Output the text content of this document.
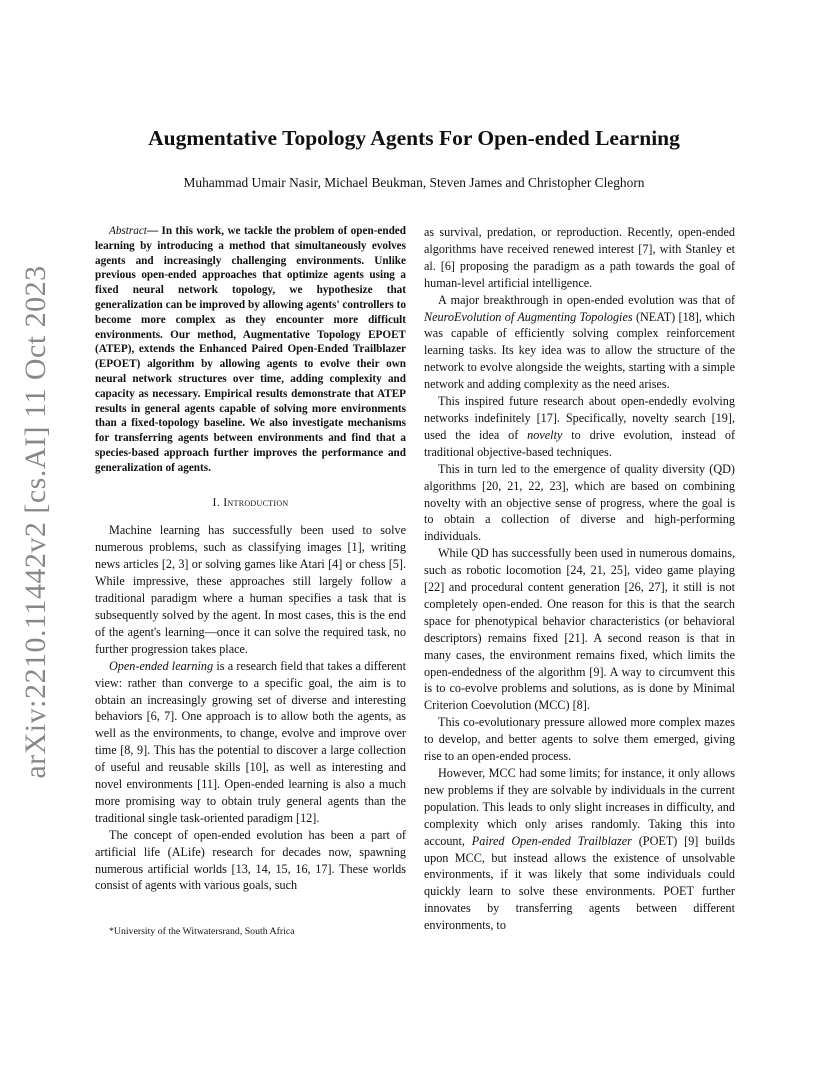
arXiv:2210.11442v2 [cs.AI] 11 Oct 2023
Augmentative Topology Agents For Open-ended Learning
Muhammad Umair Nasir, Michael Beukman, Steven James and Christopher Cleghorn

Abstract— In this work, we tackle the problem of open-ended learning by introducing a method that simultaneously evolves agents and increasingly challenging environments. Unlike previous open-ended approaches that optimize agents using a fixed neural network topology, we hypothesize that generalization can be improved by allowing agents' controllers to become more complex as they encounter more difficult environments. Our method, Augmentative Topology EPOET (ATEP), extends the Enhanced Paired Open-Ended Trailblazer (EPOET) algorithm by allowing agents to evolve their own neural network structures over time, adding complexity and capacity as necessary. Empirical results demonstrate that ATEP results in general agents capable of solving more environments than a fixed-topology baseline. We also investigate mechanisms for transferring agents between environments and find that a species-based approach further improves the performance and generalization of agents.

I. Introduction

Machine learning has successfully been used to solve numerous problems, such as classifying images [1], writing news articles [2, 3] or solving games like Atari [4] or chess [5]. While impressive, these approaches still largely follow a traditional paradigm where a human specifies a task that is subsequently solved by the agent. In most cases, this is the end of the agent's learning—once it can solve the required task, no further progression takes place.

Open-ended learning is a research field that takes a different view: rather than converge to a specific goal, the aim is to obtain an increasingly growing set of diverse and interesting behaviors [6, 7]. One approach is to allow both the agents, as well as the environments, to change, evolve and improve over time [8, 9]. This has the potential to discover a large collection of useful and reusable skills [10], as well as interesting and novel environments [11]. Open-ended learning is also a much more promising way to obtain truly general agents than the traditional single task-oriented paradigm [12].

The concept of open-ended evolution has been a part of artificial life (ALife) research for decades now, spawning numerous artificial worlds [13, 14, 15, 16, 17]. These worlds consist of agents with various goals, such

*University of the Witwatersrand, South Africa

as survival, predation, or reproduction. Recently, open-ended algorithms have received renewed interest [7], with Stanley et al. [6] proposing the paradigm as a path towards the goal of human-level artificial intelligence.

A major breakthrough in open-ended evolution was that of NeuroEvolution of Augmenting Topologies (NEAT) [18], which was capable of efficiently solving complex reinforcement learning tasks. Its key idea was to allow the structure of the network to evolve alongside the weights, starting with a simple network and adding complexity as the need arises.

This inspired future research about open-endedly evolving networks indefinitely [17]. Specifically, novelty search [19], used the idea of novelty to drive evolution, instead of traditional objective-based techniques.

This in turn led to the emergence of quality diversity (QD) algorithms [20, 21, 22, 23], which are based on combining novelty with an objective sense of progress, where the goal is to obtain a collection of diverse and high-performing individuals.

While QD has successfully been used in numerous domains, such as robotic locomotion [24, 21, 25], video game playing [22] and procedural content generation [26, 27], it still is not completely open-ended. One reason for this is that the search space for phenotypical behavior characteristics (or behavioral descriptors) remains fixed [21]. A second reason is that in many cases, the environment remains fixed, which limits the open-endedness of the algorithm [9]. A way to circumvent this is to co-evolve problems and solutions, as is done by Minimal Criterion Coevolution (MCC) [8].

This co-evolutionary pressure allowed more complex mazes to develop, and better agents to solve them emerged, giving rise to an open-ended process.

However, MCC had some limits; for instance, it only allows new problems if they are solvable by individuals in the current population. This leads to only slight increases in difficulty, and complexity which only arises randomly. Taking this into account, Paired Open-ended Trailblazer (POET) [9] builds upon MCC, but instead allows the existence of unsolvable environments, if it was likely that some individuals could quickly learn to solve these environments. POET further innovates by transferring agents between different environments, to
